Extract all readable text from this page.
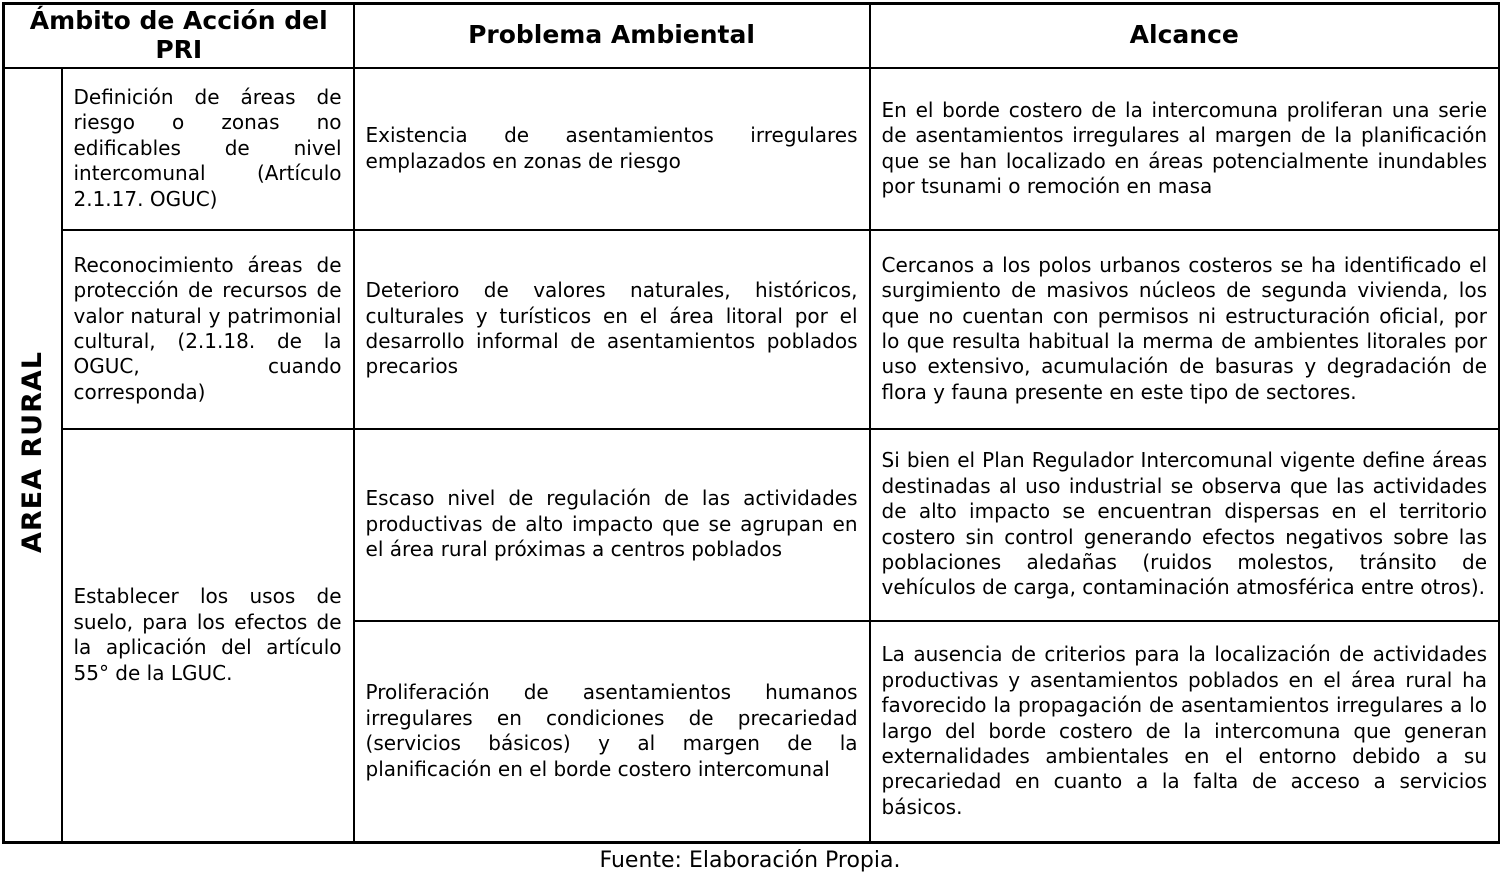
Ámbito de Acción del PRI		Problema Ambiental	Alcance
AREA RURAL	Definición de áreas de riesgo o zonas no edificables de nivel intercomunal (Artículo 2.1.17. OGUC)	Existencia de asentamientos irregulares emplazados en zonas de riesgo	En el borde costero de la intercomuna proliferan una serie de asentamientos irregulares al margen de la planificación que se han localizado en áreas potencialmente inundables por tsunami o remoción en masa
	Reconocimiento áreas de protección de recursos de valor natural y patrimonial cultural, (2.1.18. de la OGUC, cuando corresponda)	Deterioro de valores naturales, históricos, culturales y turísticos en el área litoral por el desarrollo informal de asentamientos poblados precarios	Cercanos a los polos urbanos costeros se ha identificado el surgimiento de masivos núcleos de segunda vivienda, los que no cuentan con permisos ni estructuración oficial, por lo que resulta habitual la merma de ambientes litorales por uso extensivo, acumulación de basuras y degradación de flora y fauna presente en este tipo de sectores.
	Establecer los usos de suelo, para los efectos de la aplicación del artículo 55° de la LGUC.	Escaso nivel de regulación de las actividades productivas de alto impacto que se agrupan en el área rural próximas a centros poblados	Si bien el Plan Regulador Intercomunal vigente define áreas destinadas al uso industrial se observa que las actividades de alto impacto se encuentran dispersas en el territorio costero sin control generando efectos negativos sobre las poblaciones aledañas (ruidos molestos, tránsito de vehículos de carga, contaminación atmosférica entre otros).
		Proliferación de asentamientos humanos irregulares en condiciones de precariedad (servicios básicos) y al margen de la planificación en el borde costero intercomunal	La ausencia de criterios para la localización de actividades productivas y asentamientos poblados en el área rural ha favorecido la propagación de asentamientos irregulares a lo largo del borde costero de la intercomuna que generan externalidades ambientales en el entorno debido a su precariedad en cuanto a la falta de acceso a servicios básicos.
Fuente: Elaboración Propia.
